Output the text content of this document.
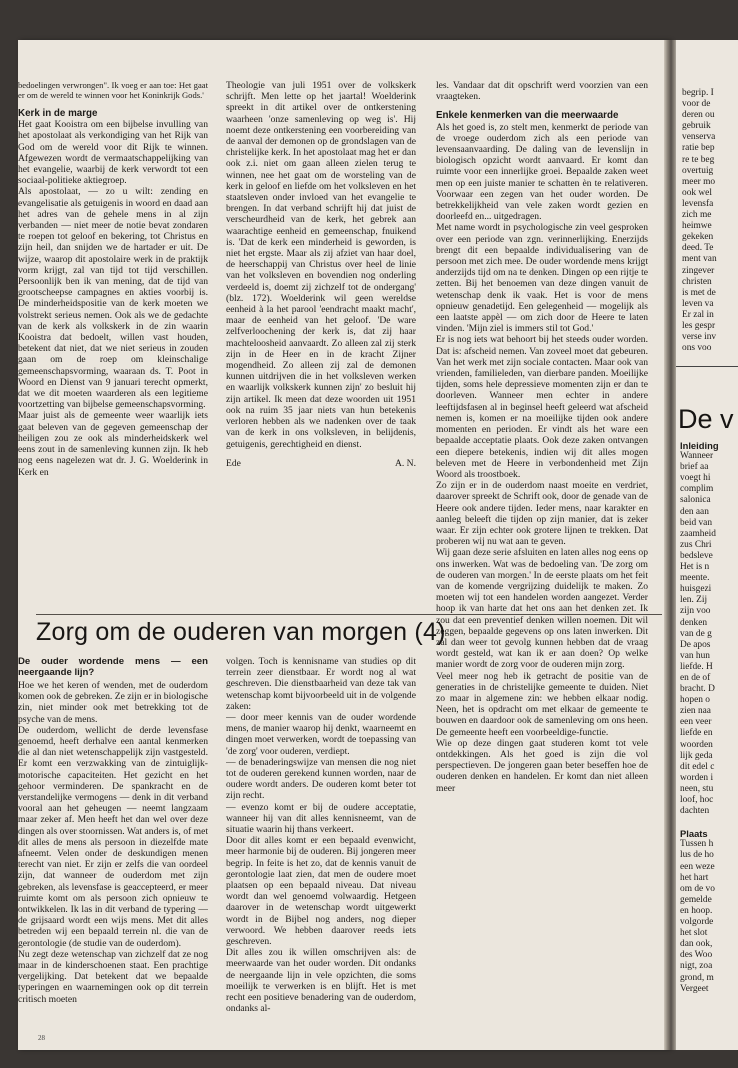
bedoelingen verwrongen". Ik voeg er aan toe: Het gaat er om de wereld te winnen voor het Koninkrijk Gods.'

Kerk in de marge

Het gaat Kooistra om een bijbelse invulling van het apostolaat als verkondiging van het Rijk van God om de wereld voor dit Rijk te winnen. Afgewezen wordt de vermaatschappelijking van het evangelie, waarbij de kerk verwordt tot een sociaal-politieke aktiegroep.

Als apostolaat, — zo u wilt: zending en evangelisatie als getuigenis in woord en daad aan het adres van de gehele mens in al zijn verbanden — niet meer de notie bevat zondaren te roepen tot geloof en bekering, tot Christus en zijn heil, dan snijden we de hartader er uit. De wijze, waarop dit apostolaire werk in de praktijk vorm krijgt, zal van tijd tot tijd verschillen. Persoonlijk ben ik van mening, dat de tijd van grootscheepse campagnes en akties voorbij is. De minderheidspositie van de kerk moeten we volstrekt serieus nemen. Ook als we de gedachte van de kerk als volkskerk in de zin waarin Kooistra dat bedoelt, willen vast houden, betekent dat niet, dat we niet serieus in zouden gaan om de roep om kleinschalige gemeenschapsvorming, waaraan ds. T. Poot in Woord en Dienst van 9 januari terecht opmerkt, dat we dit moeten waarderen als een legitieme voortzetting van bijbelse gemeenschapsvorming.

Maar juist als de gemeente weer waarlijk iets gaat beleven van de gegeven gemeenschap der heiligen zou ze ook als minderheidskerk wel eens zout in de samenleving kunnen zijn. Ik heb nog eens nagelezen wat dr. J. G. Woelderink in Kerk en

Theologie van juli 1951 over de volkskerk schrijft. Men lette op het jaartal! Woelderink spreekt in dit artikel over de ontkerstening waarheen 'onze samenleving op weg is'. Hij noemt deze ontkerstening een voorbereiding van de aanval der demonen op de grondslagen van de christelijke kerk. In het apostolaat mag het er dan ook z.i. niet om gaan alleen zielen terug te winnen, nee het gaat om de worsteling van de kerk in geloof en liefde om het volksleven en het staatsleven onder invloed van het evangelie te brengen. In dat verband schrijft hij dat juist de verscheurdheid van de kerk, het gebrek aan waarachtige eenheid en gemeenschap, fnuikend is. 'Dat de kerk een minderheid is geworden, is niet het ergste. Maar als zij afziet van haar doel, de heerschappij van Christus over heel de linie van het volksleven en bovendien nog onderling verdeeld is, doemt zij zichzelf tot de ondergang' (blz. 172). Woelderink wil geen wereldse eenheid à la het parool 'eendracht maakt macht', maar de eenheid van het geloof. 'De ware zelfverloochening der kerk is, dat zij haar machteloosheid aanvaardt. Zo alleen zal zij sterk zijn in de Heer en in de kracht Zijner mogendheid. Zo alleen zij zal de demonen kunnen uitdrijven die in het volksleven werken en waarlijk volkskerk kunnen zijn' zo besluit hij zijn artikel. Ik meen dat deze woorden uit 1951 ook na ruim 35 jaar niets van hun betekenis verloren hebben als we nadenken over de taak van de kerk in ons volksleven, in belijdenis, getuigenis, gerechtigheid en dienst.

Ede	A. N.

les. Vandaar dat dit opschrift werd voorzien van een vraagteken.

Enkele kenmerken van die meerwaarde

Als het goed is, zo stelt men, kenmerkt de periode van de vroege ouderdom zich als een periode van levensaanvaarding. De daling van de levenslijn in biologisch opzicht wordt aanvaard. Er komt dan ruimte voor een innerlijke groei. Bepaalde zaken weet men op een juiste manier te schatten èn te relativeren. Voorwaar een zegen van het ouder worden. De betrekkelijkheid van vele zaken wordt gezien en doorleefd en... uitgedragen.

Met name wordt in psychologische zin veel gesproken over een periode van zgn. verinnerlijking. Enerzijds brengt dit een bepaalde individualisering van de persoon met zich mee. De ouder wordende mens krijgt anderzijds tijd om na te denken. Dingen op een rijtje te zetten. Bij het benoemen van deze dingen vanuit de wetenschap denk ik vaak. Het is voor de mens opnieuw genadetijd. Een gelegenheid — mogelijk als een laatste appèl — om zich door de Heere te laten vinden. 'Mijn ziel is immers stil tot God.'

Er is nog iets wat behoort bij het steeds ouder worden. Dat is: afscheid nemen. Van zoveel moet dat gebeuren. Van het werk met zijn sociale contacten. Maar ook van vrienden, familieleden, van dierbare panden. Moeilijke tijden, soms hele depressieve momenten zijn er dan te doorleven. Wanneer men echter in andere leeftijdsfasen al in beginsel heeft geleerd wat afscheid nemen is, komen er na moeilijke tijden ook andere momenten en perioden. Er vindt als het ware een bepaalde acceptatie plaats. Ook deze zaken ontvangen een diepere betekenis, indien wij dit alles mogen beleven met de Heere in verbondenheid met Zijn Woord als troostboek.

Zo zijn er in de ouderdom naast moeite en verdriet, daarover spreekt de Schrift ook, door de genade van de Heere ook andere tijden. Ieder mens, naar karakter en aanleg beleeft die tijden op zijn manier, dat is zeker waar. Er zijn echter ook grotere lijnen te trekken. Dat proberen wij nu wat aan te geven.

Wij gaan deze serie afsluiten en laten alles nog eens op ons inwerken. Wat was de bedoeling van. 'De zorg om de ouderen van morgen.' In de eerste plaats om het feit van de komende vergrijzing duidelijk te maken. Zo moeten wij tot een handelen worden aangezet. Verder hoop ik van harte dat het ons aan het denken zet. Ik zou dat een preventief denken willen noemen. Dit wil zeggen, bepaalde gegevens op ons laten inwerken. Dit zal dan weer tot gevolg kunnen hebben dat de vraag wordt gesteld, wat kan ik er aan doen? Op welke manier wordt de zorg voor de ouderen mijn zorg.

Veel meer nog heb ik getracht de positie van de generaties in de christelijke gemeente te duiden. Niet zo maar in algemene zin: we hebben elkaar nodig. Neen, het is opdracht om met elkaar de gemeente te bouwen en daardoor ook de samenleving om ons heen. De gemeente heeft een voorbeeldige-functie.

Wie op deze dingen gaat studeren komt tot vele ontdekkingen. Als het goed is zijn die vol perspectieven. De jongeren gaan beter beseffen hoe de ouderen denken en handelen. Er komt dan niet alleen meer

Zorg om de ouderen van morgen (4)
De ouder wordende mens — een neergaande lijn?

Hoe we het keren of wenden, met de ouderdom komen ook de gebreken. Ze zijn er in biologische zin, niet minder ook met betrekking tot de psyche van de mens.

De ouderdom, wellicht de derde levensfase genoemd, heeft derhalve een aantal kenmerken die al dan niet wetenschappelijk zijn vastgesteld. Er komt een verzwakking van de zintuiglijk-motorische capaciteiten. Het gezicht en het gehoor verminderen. De spankracht en de verstandelijke vermogens — denk in dit verband vooral aan het geheugen — neemt langzaam maar zeker af. Men heeft het dan wel over deze dingen als over stoornissen. Wat anders is, of met dit alles de mens als persoon in diezelfde mate afneemt. Velen onder de deskundigen menen terecht van niet. Er zijn er zelfs die van oordeel zijn, dat wanneer de ouderdom met zijn gebreken, als levensfase is geaccepteerd, er meer ruimte komt om als persoon zich opnieuw te ontwikkelen. Ik las in dit verband de typering — de grijsaard wordt een wijs mens. Met dit alles betreden wij een bepaald terrein nl. die van de gerontologie (de studie van de ouderdom).

Nu zegt deze wetenschap van zichzelf dat ze nog maar in de kinderschoenen staat. Een prachtige vergelijking. Dat betekent dat we bepaalde typeringen en waarnemingen ook op dit terrein critisch moeten

volgen. Toch is kennisname van studies op dit terrein zeer dienstbaar. Er wordt nog al wat geschreven. Die dienstbaarheid van deze tak van wetenschap komt bijvoorbeeld uit in de volgende zaken:

— door meer kennis van de ouder wordende mens, de manier waarop hij denkt, waarneemt en dingen moet verwerken, wordt de toepassing van 'de zorg' voor ouderen, verdiept.

— de benaderingswijze van mensen die nog niet tot de ouderen gerekend kunnen worden, naar de oudere wordt anders. De ouderen komt beter tot zijn recht.

— evenzo komt er bij de oudere acceptatie, wanneer hij van dit alles kennisneemt, van de situatie waarin hij thans verkeert.

Door dit alles komt er een bepaald evenwicht, meer harmonie bij de ouderen. Bij jongeren meer begrip. In feite is het zo, dat de kennis vanuit de gerontologie laat zien, dat men de oudere moet plaatsen op een bepaald niveau. Dat niveau wordt dan wel genoemd volwaardig. Hetgeen daarover in de wetenschap wordt uitgewerkt wordt in de Bijbel nog anders, nog dieper verwoord. We hebben daarover reeds iets geschreven.

Dit alles zou ik willen omschrijven als: de meerwaarde van het ouder worden. Dit ondanks de neergaande lijn in vele opzichten, die soms moeilijk te verwerken is en blijft. Het is met recht een positieve benadering van de ouderdom, ondanks al-

28
begrip. I
voor de
deren ou
gebruik
venserva
ratie bep
re te beg
overtuig
meer mo
ook wel
levensfa
zich me
heimwe
gekeken
deed. Te
ment van
zingever
christen
is met de
leven va
Er zal in
les gespr
verse inv
ons voo
De v
Inleiding
Wanneer
brief aa
voegt hi
complim
salonica
den aan
beid van
zaamheid
zus Chri
bedsleve
Het is n
meente.
huisgezi
len. Zij
zijn voo
denken
van de g
De apos
van hun
liefde. H
en de of
bracht. D
hopen o
zien naa
een veer
liefde en
woorden
lijk geda
dit edel c
worden i
neen, stu
loof, hoc
dachten

Plaats
Tussen h
lus de ho
een weze
het hart
om de vo
gemelde
en hoop.
volgorde
het slot
dan ook,
des Woo
nigt, zoa
grond, m
Vergeet
